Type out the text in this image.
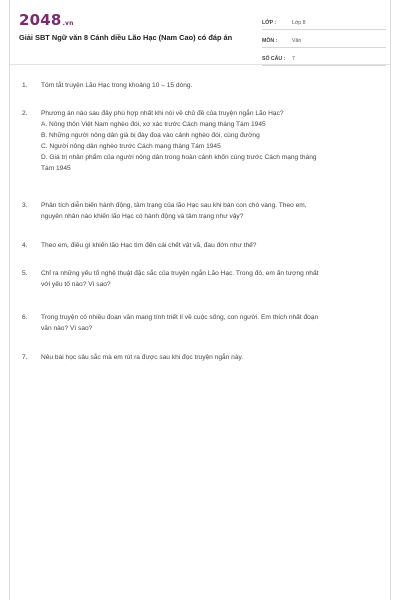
2048.vn
Giải SBT Ngữ văn 8 Cánh diều Lão Hạc (Nam Cao) có đáp án
LỚP :	Lớp 8
MÔN :	Văn
SỐ CÂU :	7
1. Tóm tắt truyện Lão Hạc trong khoảng 10 – 15 dòng.
2. Phương án nào sau đây phù hợp nhất khi nói về chủ đề của truyện ngắn Lão Hạc?
A. Nông thôn Việt Nam nghèo đói, xơ xác trước Cách mạng tháng Tám 1945
B. Những người nông dân già bị đày đoạ vào cảnh nghèo đói, cùng đường
C. Người nông dân nghèo trước Cách mạng tháng Tám 1945
D. Giá trị nhân phẩm của người nông dân trong hoàn cảnh khốn cùng trước Cách mạng tháng
Tám 1945
3. Phân tích diễn biến hành động, tâm trạng của lão Hạc sau khi bán con chó vàng. Theo em,
nguyên nhân nào khiến lão Hạc có hành động và tâm trạng như vậy?
4. Theo em, điều gì khiến lão Hạc tìm đến cái chết vật vã, đau đớn như thế?
5. Chỉ ra những yếu tố nghệ thuật đặc sắc của truyện ngắn Lão Hạc. Trong đó, em ấn tượng nhất
với yếu tố nào? Vì sao?
6. Trong truyện có nhiều đoạn văn mang tính triết lí về cuộc sống, con người. Em thích nhất đoạn
văn nào? Vì sao?
7. Nêu bài học sâu sắc mà em rút ra được sau khi đọc truyện ngắn này.
